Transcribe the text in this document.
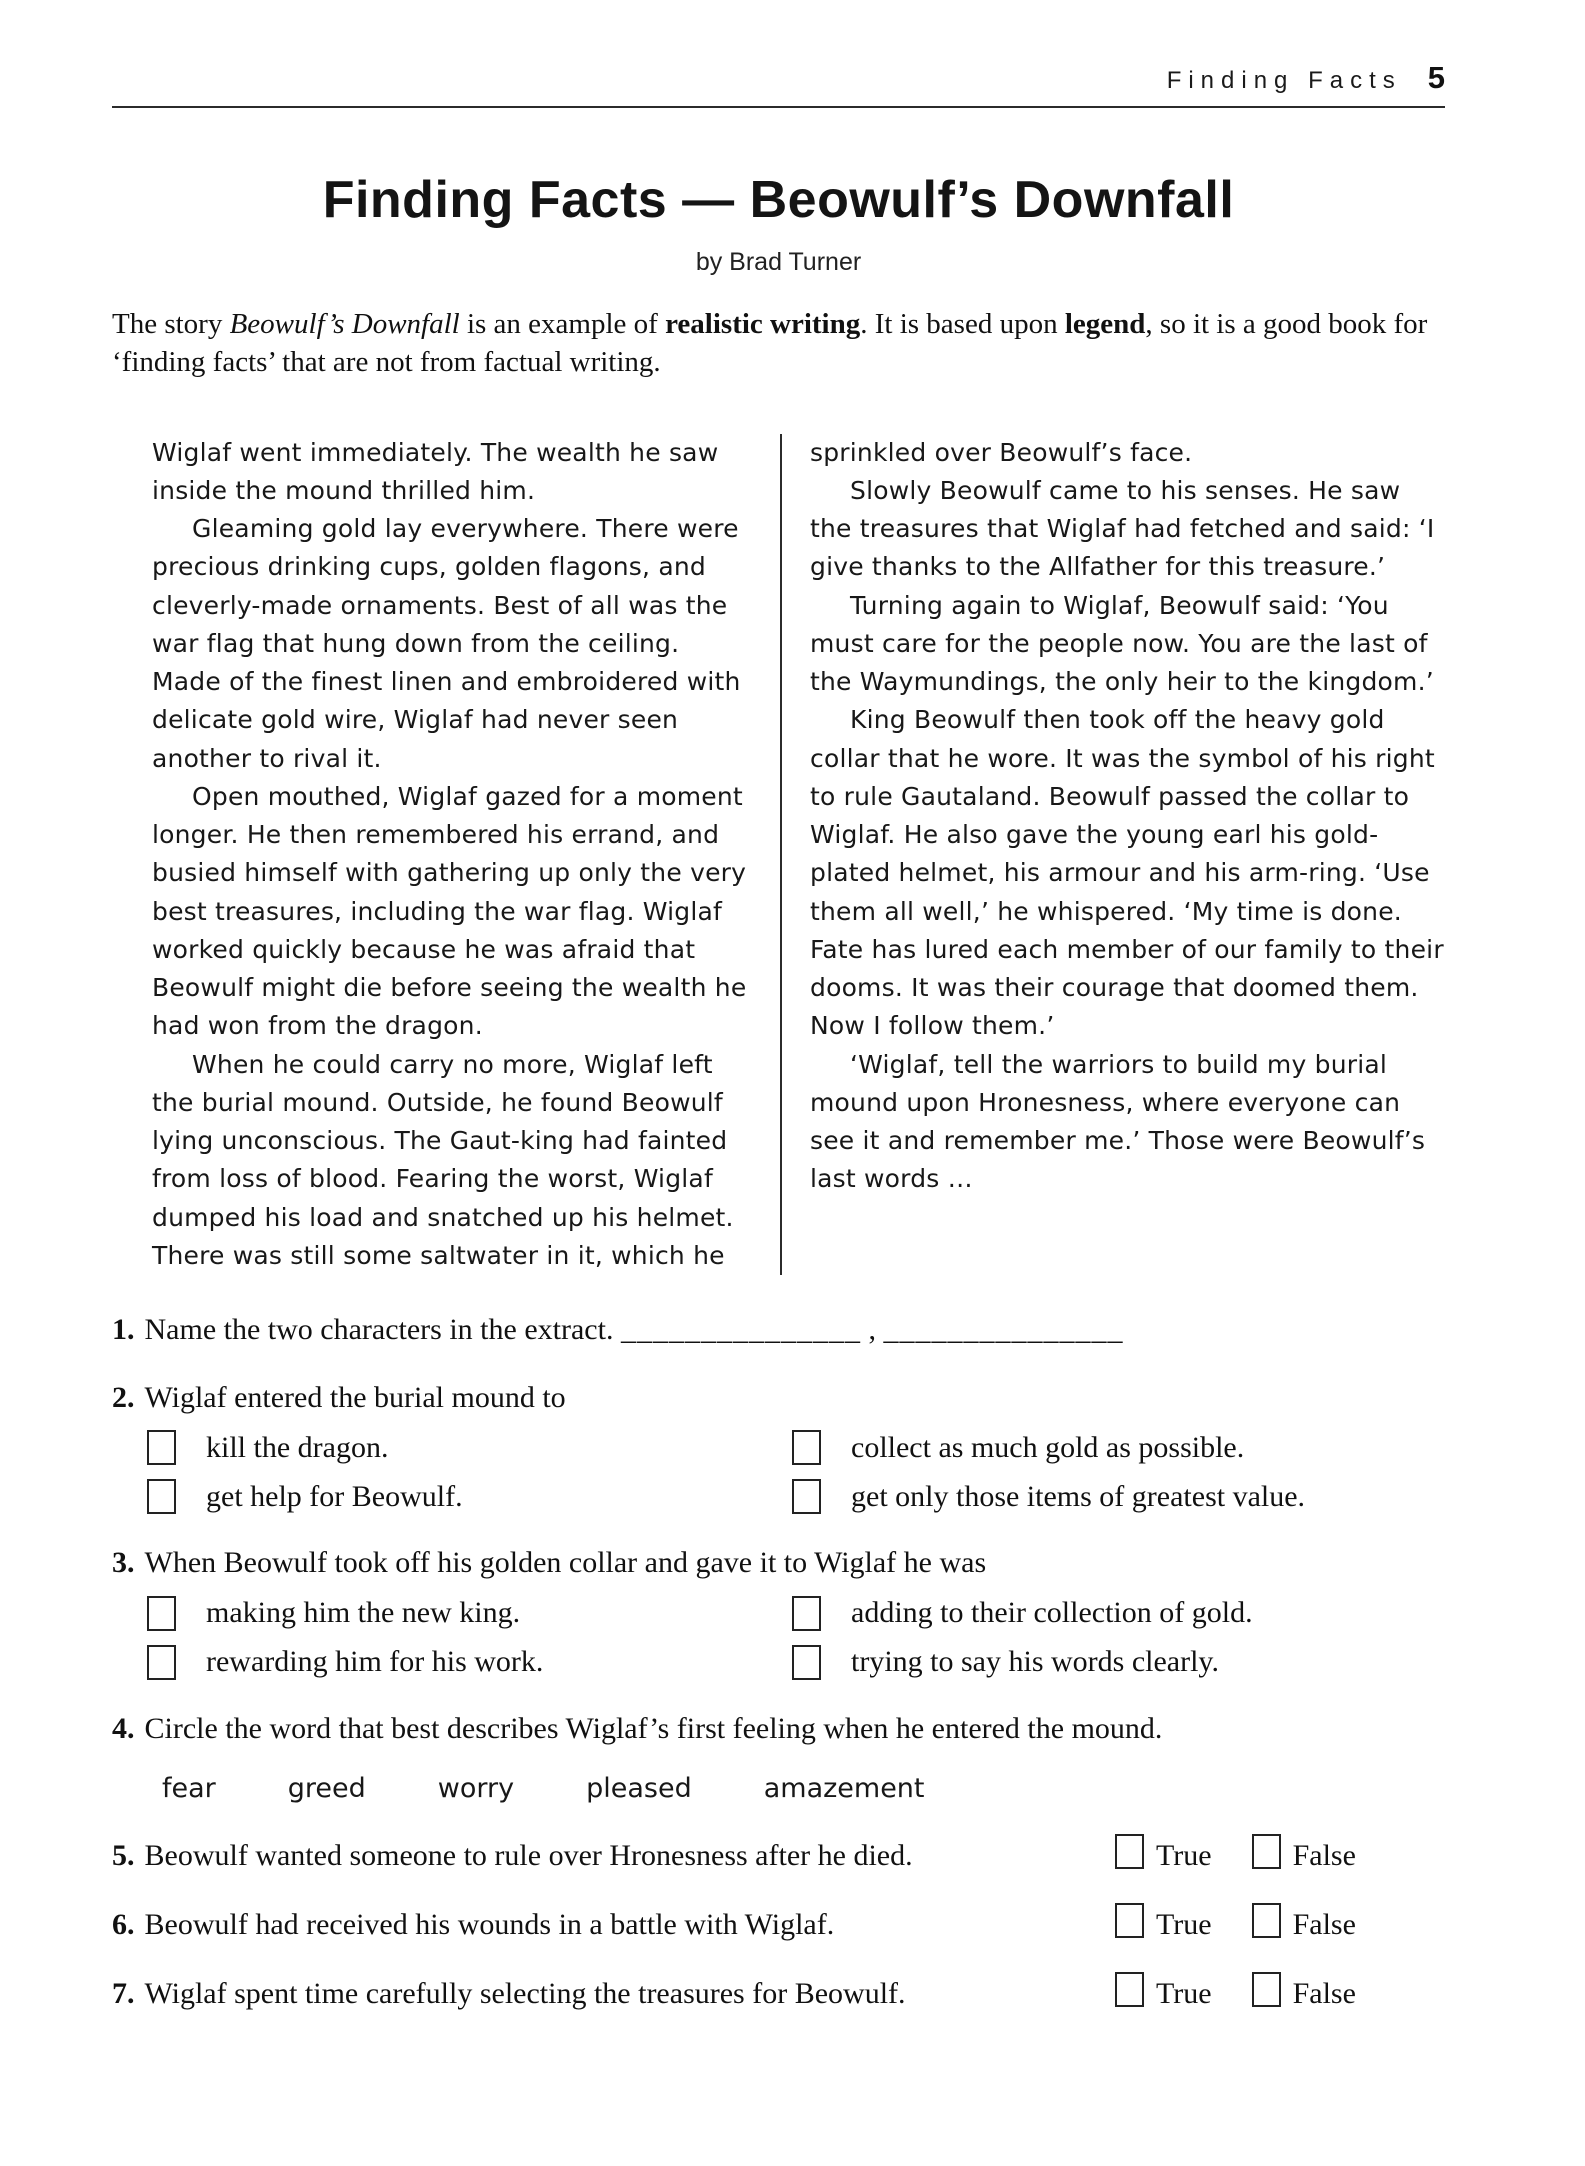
Finding Facts 5
Finding Facts — Beowulf’s Downfall
by Brad Turner

The story Beowulf’s Downfall is an example of realistic writing. It is based upon legend, so it is a good book for ‘finding facts’ that are not from factual writing.

Wiglaf went immediately. The wealth he saw inside the mound thrilled him.

Gleaming gold lay everywhere. There were precious drinking cups, golden flagons, and cleverly-made ornaments. Best of all was the war flag that hung down from the ceiling. Made of the finest linen and embroidered with delicate gold wire, Wiglaf had never seen another to rival it.

Open mouthed, Wiglaf gazed for a moment longer. He then remembered his errand, and busied himself with gathering up only the very best treasures, including the war flag. Wiglaf worked quickly because he was afraid that Beowulf might die before seeing the wealth he had won from the dragon.

When he could carry no more, Wiglaf left the burial mound. Outside, he found Beowulf lying unconscious. The Gaut-king had fainted from loss of blood. Fearing the worst, Wiglaf dumped his load and snatched up his helmet. There was still some saltwater in it, which he

sprinkled over Beowulf’s face.

Slowly Beowulf came to his senses. He saw the treasures that Wiglaf had fetched and said: ‘I give thanks to the Allfather for this treasure.’

Turning again to Wiglaf, Beowulf said: ‘You must care for the people now. You are the last of the Waymundings, the only heir to the kingdom.’

King Beowulf then took off the heavy gold collar that he wore. It was the symbol of his right to rule Gautaland. Beowulf passed the collar to Wiglaf. He also gave the young earl his gold-plated helmet, his armour and his arm-ring. ‘Use them all well,’ he whispered. ‘My time is done. Fate has lured each member of our family to their dooms. It was their courage that doomed them. Now I follow them.’

‘Wiglaf, tell the warriors to build my burial mound upon Hronesness, where everyone can see it and remember me.’ Those were Beowulf’s last words …

1. Name the two characters in the extract. _______________ , _______________
2. Wiglaf entered the burial mound to
kill the dragon.	collect as much gold as possible.
get help for Beowulf.	get only those items of greatest value.
3. When Beowulf took off his golden collar and gave it to Wiglaf he was
making him the new king.	adding to their collection of gold.
rewarding him for his work.	trying to say his words clearly.
4. Circle the word that best describes Wiglaf’s first feeling when he entered the mound.
fear	greed	worry	pleased	amazement
5. Beowulf wanted someone to rule over Hronesness after he died.	True	False
6. Beowulf had received his wounds in a battle with Wiglaf.	True	False
7. Wiglaf spent time carefully selecting the treasures for Beowulf.	True	False
